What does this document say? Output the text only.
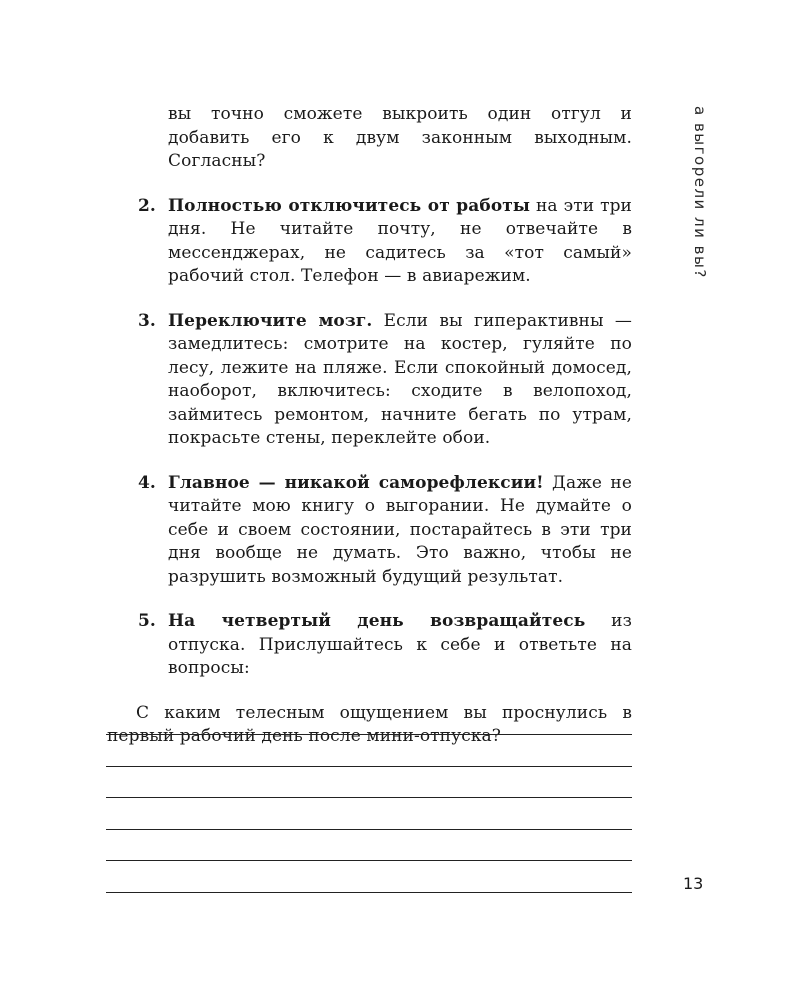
вы точно сможете выкроить один отгул и добавить его к двум законным выходным. Согласны?

2. Полностью отключитесь от работы на эти три дня. Не читайте почту, не отвечайте в мессенджерах, не садитесь за «тот самый» рабочий стол. Телефон — в авиарежим.
3. Переключите мозг. Если вы гиперактивны — замедлитесь: смотрите на костер, гуляйте по лесу, лежите на пляже. Если спокойный домосед, наоборот, включитесь: сходите в велопоход, займитесь ремонтом, начните бегать по утрам, покрасьте стены, переклейте обои.
4. Главное — никакой саморефлексии! Даже не читайте мою книгу о выгорании. Не думайте о себе и своем состоянии, постарайтесь в эти три дня вообще не думать. Это важно, чтобы не разрушить возможный будущий результат.
5. На четвертый день возвращайтесь из отпуска. Прислушайтесь к себе и ответьте на вопросы:

С каким телесным ощущением вы проснулись в первый рабочий день после мини-отпуска?

а выгорели ли вы?
13
